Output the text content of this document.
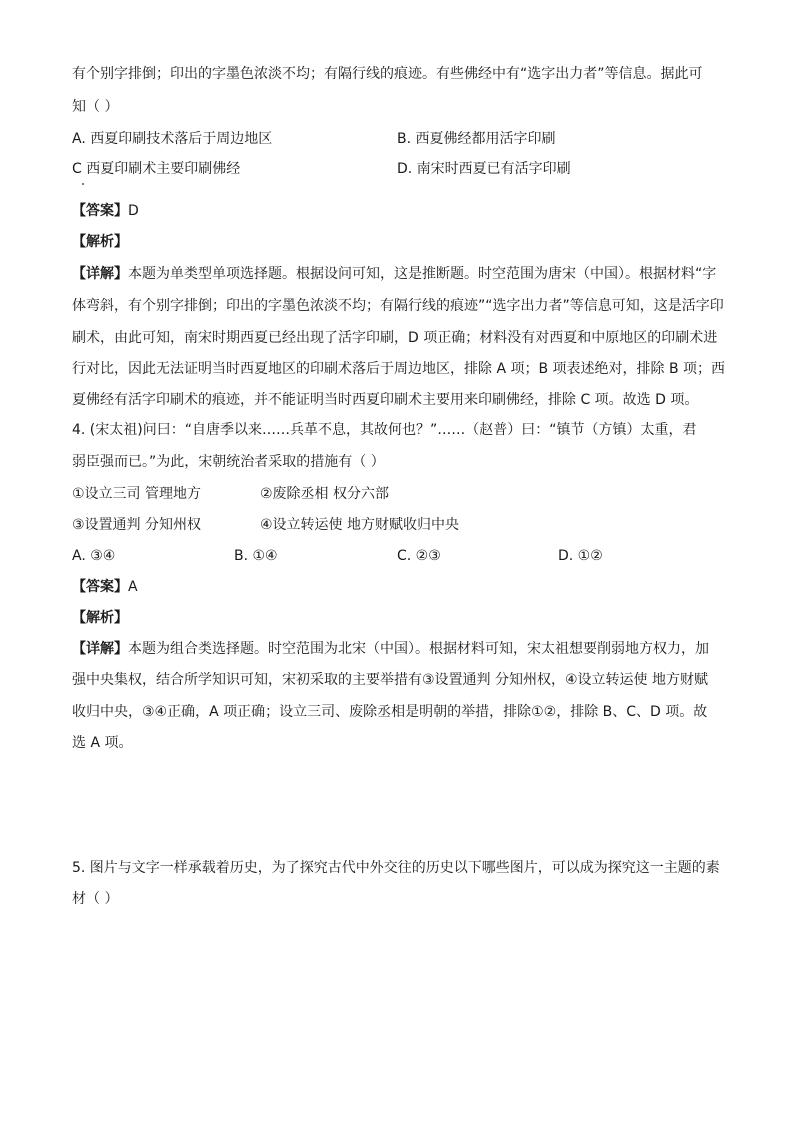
有个别字排倒；印出的字墨色浓淡不均；有隔行线的痕迹。有些佛经中有“选字出力者”等信息。据此可
知（ ）
A. 西夏印刷技术落后于周边地区	B. 西夏佛经都用活字印刷
C 西夏印刷术主要印刷佛经	D. 南宋时西夏已有活字印刷
【答案】D
【解析】
【详解】本题为单类型单项选择题。根据设问可知，这是推断题。时空范围为唐宋（中国）。根据材料“字
体弯斜，有个别字排倒；印出的字墨色浓淡不均；有隔行线的痕迹”“选字出力者”等信息可知，这是活字印
刷术，由此可知，南宋时期西夏已经出现了活字印刷，D 项正确；材料没有对西夏和中原地区的印刷术进
行对比，因此无法证明当时西夏地区的印刷术落后于周边地区，排除 A 项；B 项表述绝对，排除 B 项；西
夏佛经有活字印刷术的痕迹，并不能证明当时西夏印刷术主要用来印刷佛经，排除 C 项。故选 D 项。
4. (宋太祖)问曰：“自唐季以来……兵革不息，其故何也？”……（赵普）曰：“镇节（方镇）太重，君
弱臣强而已。”为此，宋朝统治者采取的措施有（ ）
①设立三司 管理地方	②废除丞相 权分六部
③设置通判 分知州权	④设立转运使 地方财赋收归中央
A. ③④	B. ①④	C. ②③	D. ①②
【答案】A
【解析】
【详解】本题为组合类选择题。时空范围为北宋（中国）。根据材料可知，宋太祖想要削弱地方权力，加
强中央集权，结合所学知识可知，宋初采取的主要举措有③设置通判 分知州权，④设立转运使 地方财赋
收归中央，③④正确，A 项正确；设立三司、废除丞相是明朝的举措，排除①②，排除 B、C、D 项。故
选 A 项。
5. 图片与文字一样承载着历史，为了探究古代中外交往的历史以下哪些图片，可以成为探究这一主题的素
材（ ）
